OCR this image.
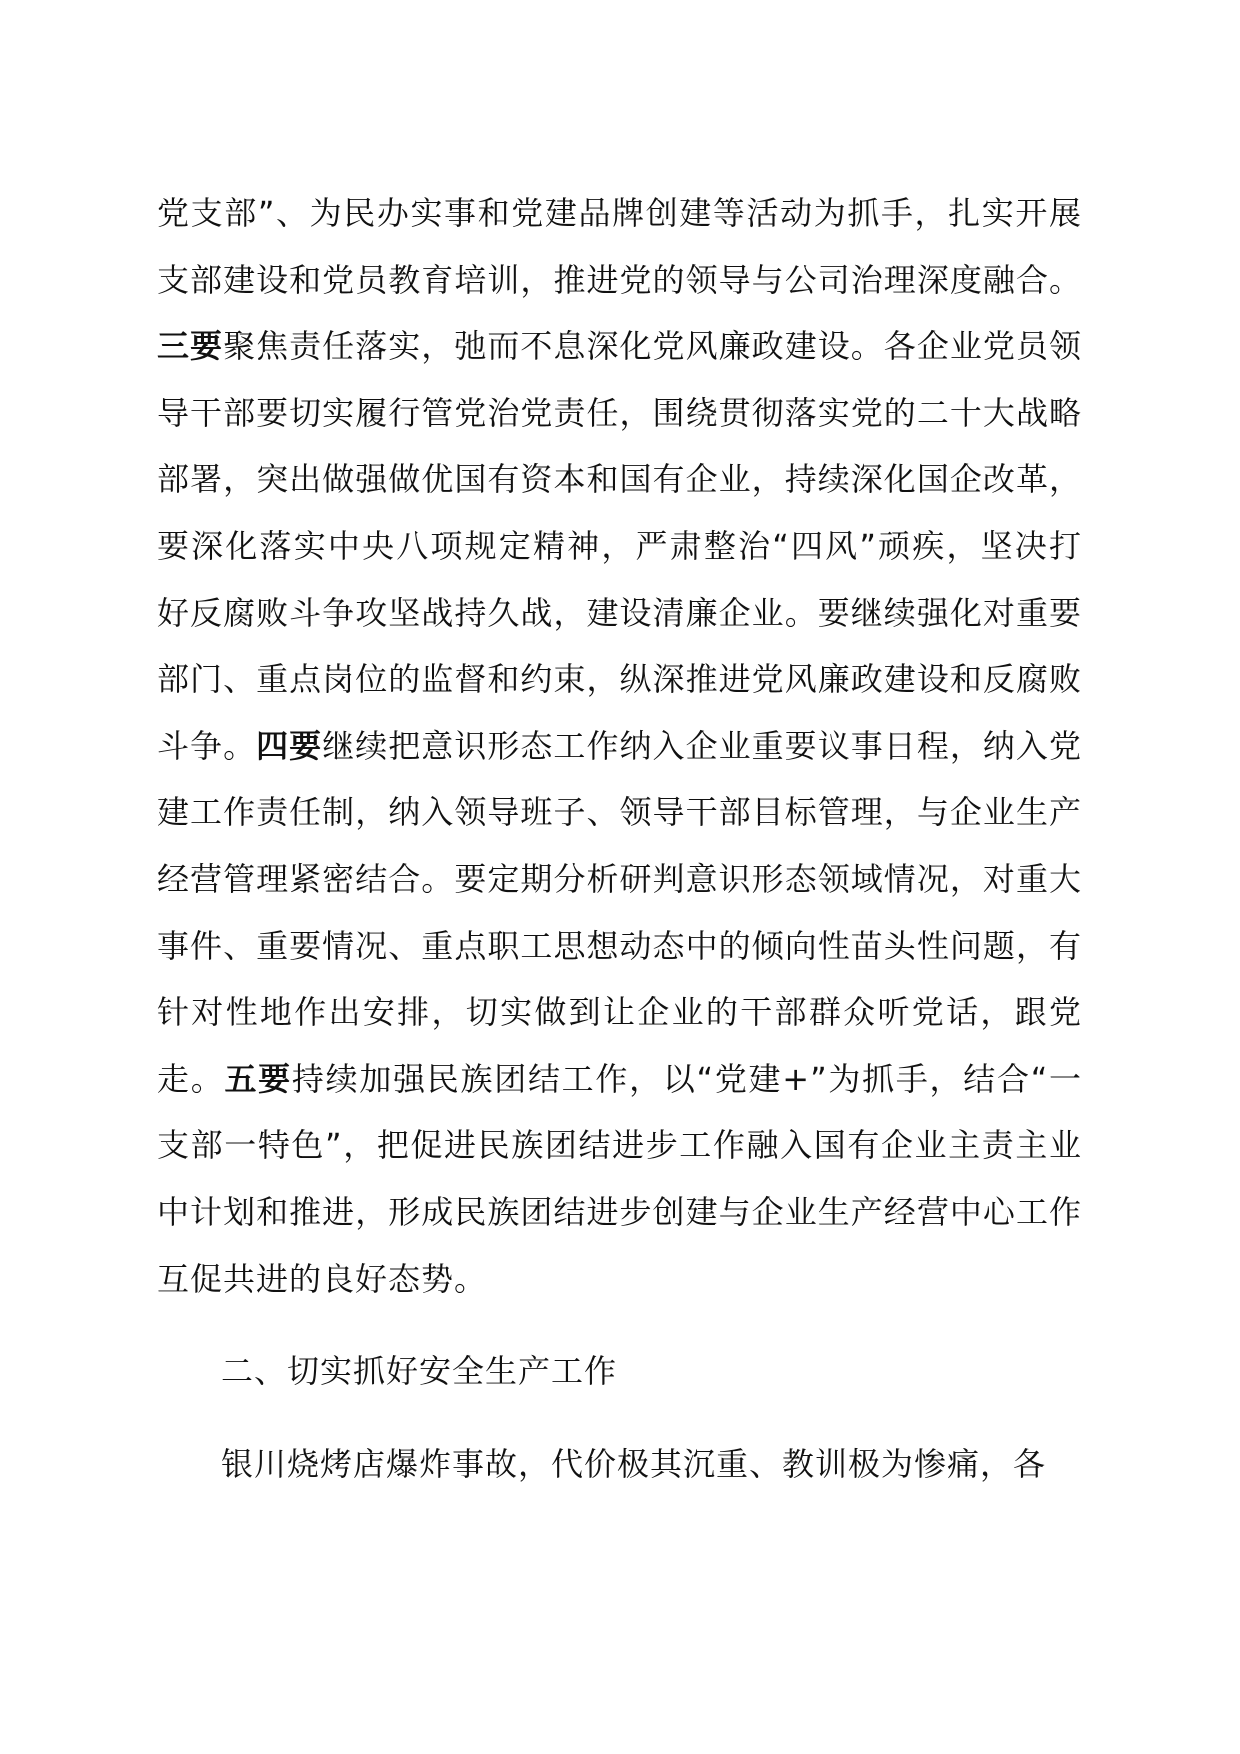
党支部”、为民办实事和党建品牌创建等活动为抓手，扎实开展支部建设和党员教育培训，推进党的领导与公司治理深度融合。三要聚焦责任落实，弛而不息深化党风廉政建设。各企业党员领导干部要切实履行管党治党责任，围绕贯彻落实党的二十大战略部署，突出做强做优国有资本和国有企业，持续深化国企改革，要深化落实中央八项规定精神，严肃整治“四风”顽疾，坚决打好反腐败斗争攻坚战持久战，建设清廉企业。要继续强化对重要部门、重点岗位的监督和约束，纵深推进党风廉政建设和反腐败斗争。四要继续把意识形态工作纳入企业重要议事日程，纳入党建工作责任制，纳入领导班子、领导干部目标管理，与企业生产经营管理紧密结合。要定期分析研判意识形态领域情况，对重大事件、重要情况、重点职工思想动态中的倾向性苗头性问题，有针对性地作出安排，切实做到让企业的干部群众听党话，跟党走。五要持续加强民族团结工作，以“党建+”为抓手，结合“一支部一特色”，把促进民族团结进步工作融入国有企业主责主业中计划和推进，形成民族团结进步创建与企业生产经营中心工作互促共进的良好态势。

二、切实抓好安全生产工作

银川烧烤店爆炸事故，代价极其沉重、教训极为惨痛，各
